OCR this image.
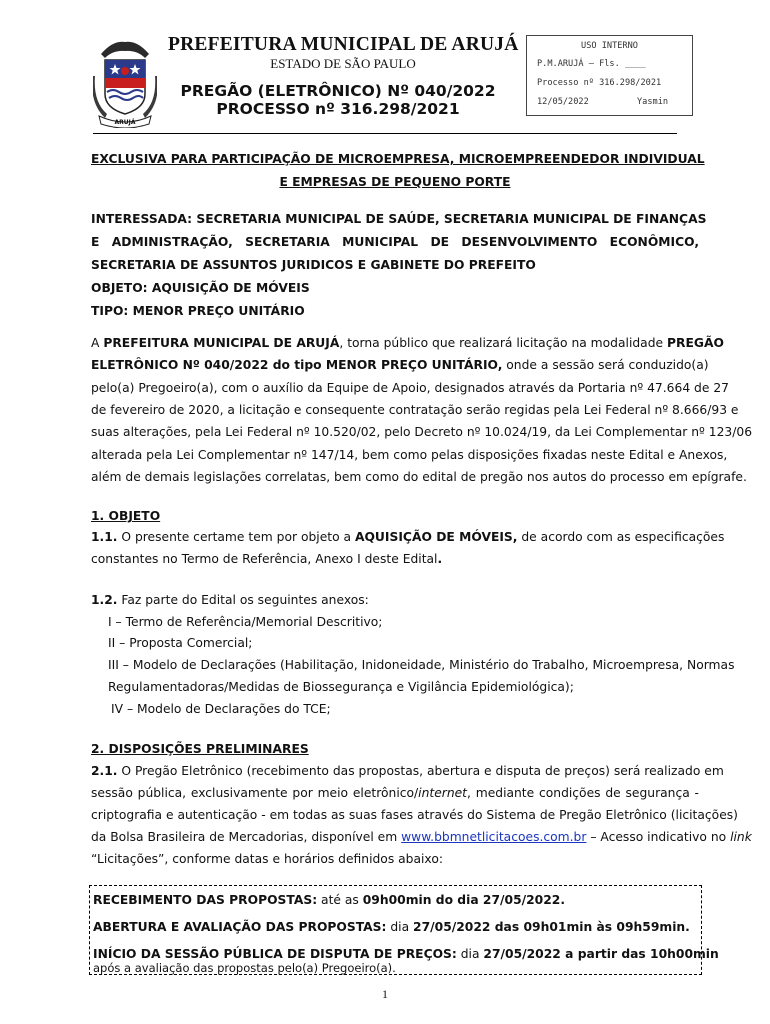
ARUJÁ
PREFEITURA MUNICIPAL DE ARUJÁ
ESTADO DE SÃO PAULO
PREGÃO (ELETRÔNICO) Nº 040/2022
PROCESSO nº 316.298/2021
USO INTERNO
P.M.ARUJÁ – Fls. ____
Processo nº 316.298/2021
12/05/2022	Yasmin
EXCLUSIVA PARA PARTICIPAÇÃO DE MICROEMPRESA, MICROEMPREENDEDOR INDIVIDUAL
E EMPRESAS DE PEQUENO PORTE
INTERESSADA: SECRETARIA MUNICIPAL DE SAÚDE, SECRETARIA MUNICIPAL DE FINANÇAS
E ADMINISTRAÇÃO, SECRETARIA MUNICIPAL DE DESENVOLVIMENTO ECONÔMICO,
SECRETARIA DE ASSUNTOS JURIDICOS E GABINETE DO PREFEITO
OBJETO: AQUISIÇÃO DE MÓVEIS
TIPO: MENOR PREÇO UNITÁRIO
A PREFEITURA MUNICIPAL DE ARUJÁ, torna público que realizará licitação na modalidade PREGÃO
ELETRÔNICO Nº 040/2022 do tipo MENOR PREÇO UNITÁRIO, onde a sessão será conduzido(a)
pelo(a) Pregoeiro(a), com o auxílio da Equipe de Apoio, designados através da Portaria nº 47.664 de 27
de fevereiro de 2020, a licitação e consequente contratação serão regidas pela Lei Federal nº 8.666/93 e
suas alterações, pela Lei Federal nº 10.520/02, pelo Decreto nº 10.024/19, da Lei Complementar nº 123/06
alterada pela Lei Complementar nº 147/14, bem como pelas disposições fixadas neste Edital e Anexos,
além de demais legislações correlatas, bem como do edital de pregão nos autos do processo em epígrafe.
1. OBJETO
1.1. O presente certame tem por objeto a AQUISIÇÃO DE MÓVEIS, de acordo com as especificações
constantes no Termo de Referência, Anexo I deste Edital.
1.2. Faz parte do Edital os seguintes anexos:
I – Termo de Referência/Memorial Descritivo;
II – Proposta Comercial;
III – Modelo de Declarações (Habilitação, Inidoneidade, Ministério do Trabalho, Microempresa, Normas
Regulamentadoras/Medidas de Biossegurança e Vigilância Epidemiológica);
IV – Modelo de Declarações do TCE;
2. DISPOSIÇÕES PRELIMINARES
2.1. O Pregão Eletrônico (recebimento das propostas, abertura e disputa de preços) será realizado em
sessão pública, exclusivamente por meio eletrônico/internet, mediante condições de segurança -
criptografia e autenticação - em todas as suas fases através do Sistema de Pregão Eletrônico (licitações)
da Bolsa Brasileira de Mercadorias, disponível em www.bbmnetlicitacoes.com.br – Acesso indicativo no link
“Licitações”, conforme datas e horários definidos abaixo:
RECEBIMENTO DAS PROPOSTAS: até as 09h00min do dia 27/05/2022.
ABERTURA E AVALIAÇÃO DAS PROPOSTAS: dia 27/05/2022 das 09h01min às 09h59min.
INÍCIO DA SESSÃO PÚBLICA DE DISPUTA DE PREÇOS: dia 27/05/2022 a partir das 10h00min
após a avaliação das propostas pelo(a) Pregoeiro(a).
1
